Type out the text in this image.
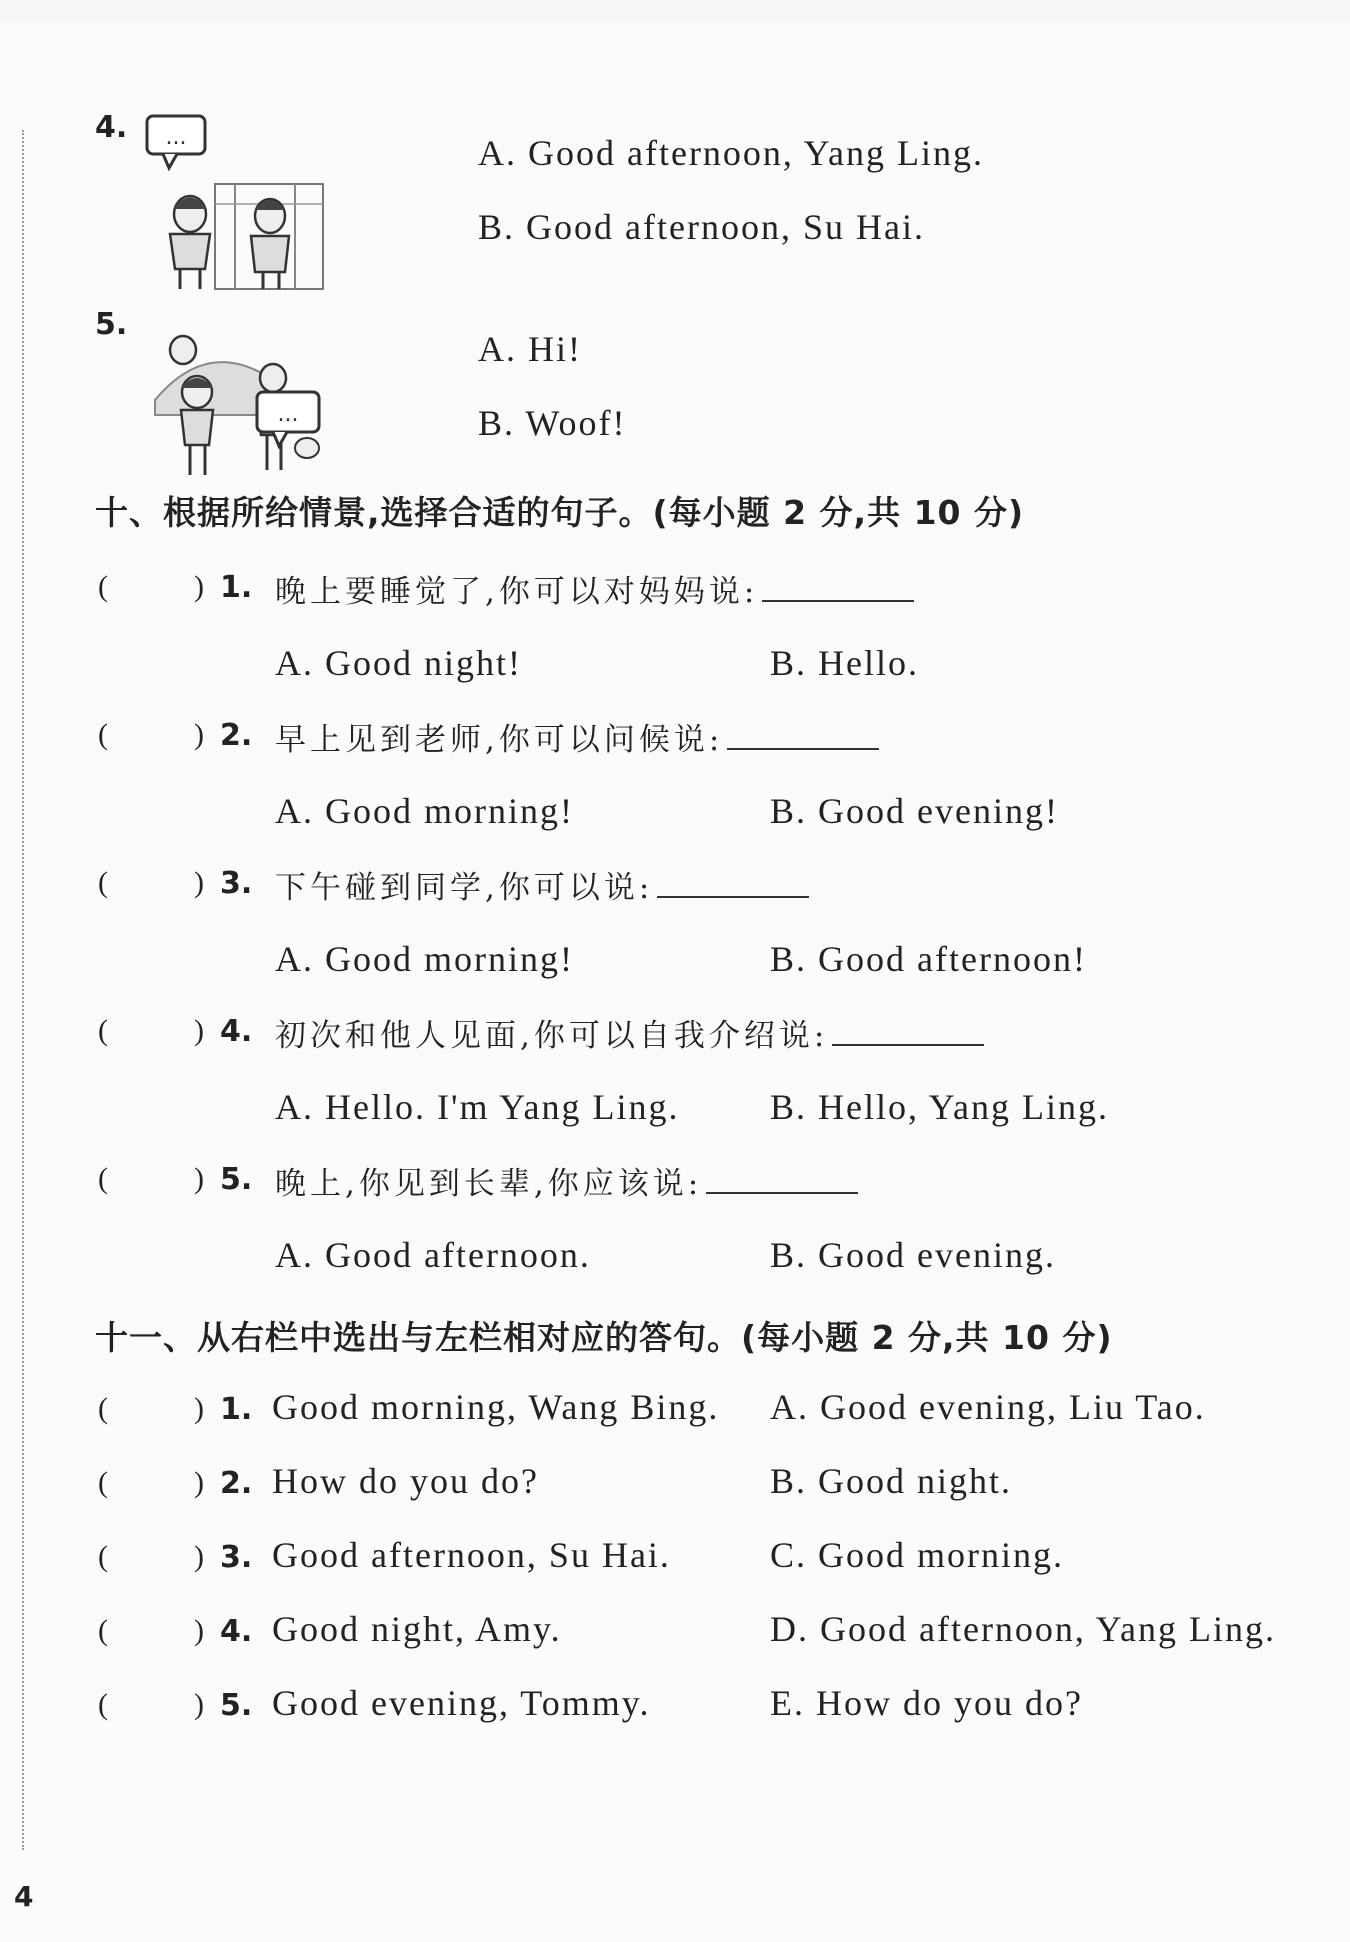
4. ...	A. Good afternoon, Yang Ling.
B. Good afternoon, Su Hai.
5.
...
A. Hi!
B. Woof!
十、根据所给情景,选择合适的句子。(每小题 2 分,共 10 分)
(	) 1. 晚上要睡觉了,你可以对妈妈说:
A. Good night!	B. Hello.
(	) 2. 早上见到老师,你可以问候说:
A. Good morning!	B. Good evening!
(	) 3. 下午碰到同学,你可以说:
A. Good morning!	B. Good afternoon!
(	) 4. 初次和他人见面,你可以自我介绍说:
A. Hello. I'm Yang Ling.	B. Hello, Yang Ling.
(	) 5. 晚上,你见到长辈,你应该说:
A. Good afternoon.	B. Good evening.
十一、从右栏中选出与左栏相对应的答句。(每小题 2 分,共 10 分)
(	) 1. Good morning, Wang Bing. A. Good evening, Liu Tao.
(	) 2. How do you do?	B. Good night.
(	) 3. Good afternoon, Su Hai.	C. Good morning.
(	) 4. Good night, Amy.	D. Good afternoon, Yang Ling.
(	) 5. Good evening, Tommy.	E. How do you do?
4
